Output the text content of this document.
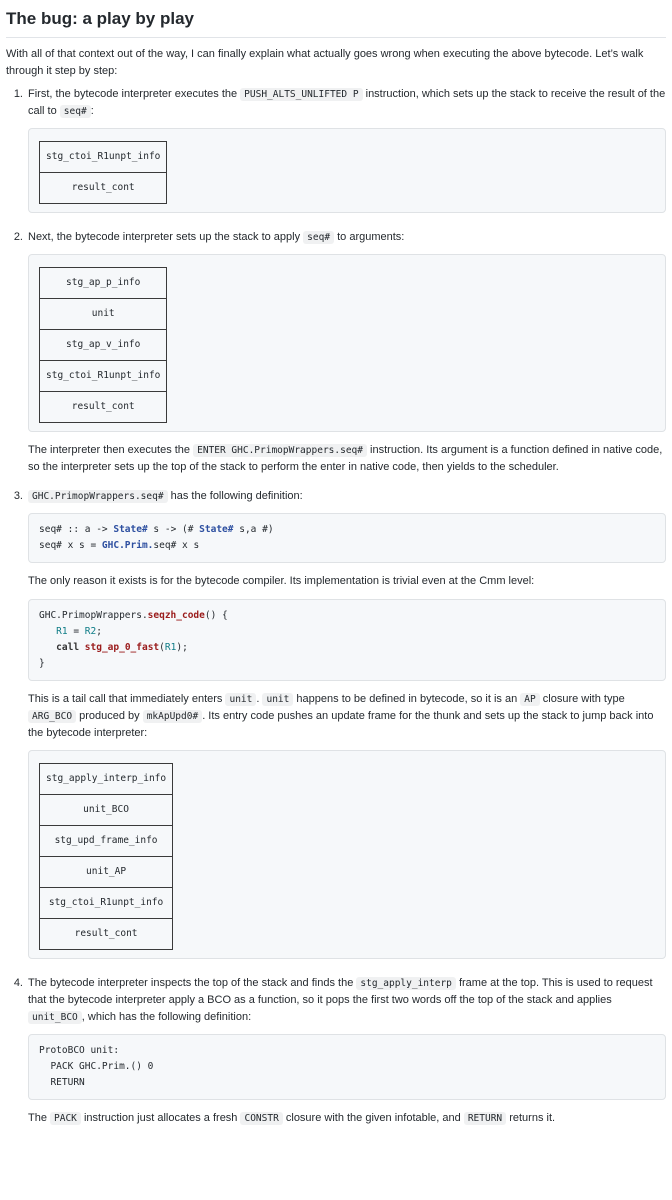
The bug: a play by play

With all of that context out of the way, I can finally explain what actually goes wrong when executing the above bytecode. Let’s walk through it step by step:

1. First, the bytecode interpreter executes the PUSH_ALTS_UNLIFTED P instruction, which sets up the stack to receive the result of the call to seq# :

stg_ctoi_R1unpt_info
result_cont
2. Next, the bytecode interpreter sets up the stack to apply seq# to arguments:

stg_ap_p_info
unit
stg_ap_v_info
stg_ctoi_R1unpt_info
result_cont

The interpreter then executes the ENTER GHC.PrimopWrappers.seq# instruction. Its argument is a function defined in native code, so the interpreter sets up the top of the stack to perform the enter in native code, then yields to the scheduler.

3. GHC.PrimopWrappers.seq# has the following definition:

seq# :: a -> State# s -> (# State# s,a #)
seq# x s = GHC.Prim.seq# x s

The only reason it exists is for the bytecode compiler. Its implementation is trivial even at the Cmm level:

GHC.PrimopWrappers.seqzh_code() {
R1 = R2;
call stg_ap_0_fast(R1);
}

This is a tail call that immediately enters unit . unit happens to be defined in bytecode, so it is an AP closure with type ARG_BCO produced by mkApUpd0# . Its entry code pushes an update frame for the thunk and sets up the stack to jump back into the bytecode interpreter:

stg_apply_interp_info
unit_BCO
stg_upd_frame_info
unit_AP
stg_ctoi_R1unpt_info
result_cont
4. The bytecode interpreter inspects the top of the stack and finds the stg_apply_interp frame at the top. This is used to request that the bytecode interpreter apply a BCO as a function, so it pops the first two words off the top of the stack and applies unit_BCO , which has the following definition:

ProtoBCO unit:
PACK GHC.Prim.() 0
RETURN

The PACK instruction just allocates a fresh CONSTR closure with the given infotable, and RETURN returns it.
